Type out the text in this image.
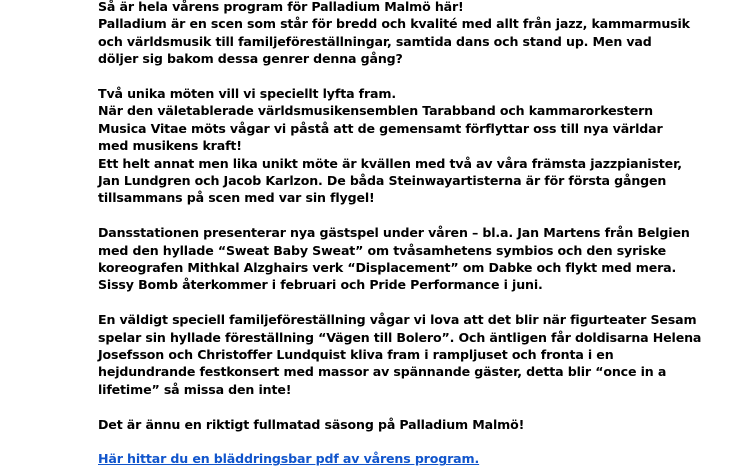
Så är hela vårens program för Palladium Malmö här!
Palladium är en scen som står för bredd och kvalité med allt från jazz, kammarmusik
och världsmusik till familjeföreställningar, samtida dans och stand up. Men vad
döljer sig bakom dessa genrer denna gång?

Två unika möten vill vi speciellt lyfta fram.
När den väletablerade världsmusikensemblen Tarabband och kammarorkestern
Musica Vitae möts vågar vi påstå att de gemensamt förflyttar oss till nya världar
med musikens kraft!
Ett helt annat men lika unikt möte är kvällen med två av våra främsta jazzpianister,
Jan Lundgren och Jacob Karlzon. De båda Steinwayartisterna är för första gången
tillsammans på scen med var sin flygel!

Dansstationen presenterar nya gästspel under våren – bl.a. Jan Martens från Belgien
med den hyllade “Sweat Baby Sweat” om tvåsamhetens symbios och den syriske
koreografen Mithkal Alzghairs verk “Displacement” om Dabke och flykt med mera.
Sissy Bomb återkommer i februari och Pride Performance i juni.

En väldigt speciell familjeföreställning vågar vi lova att det blir när figurteater Sesam
spelar sin hyllade föreställning “Vägen till Bolero”. Och äntligen får doldisarna Helena
Josefsson och Christoffer Lundquist kliva fram i rampljuset och fronta i en
hejdundrande festkonsert med massor av spännande gäster, detta blir “once in a
lifetime” så missa den inte!

Det är ännu en riktigt fullmatad säsong på Palladium Malmö!

Här hittar du en bläddringsbar pdf av vårens program.
